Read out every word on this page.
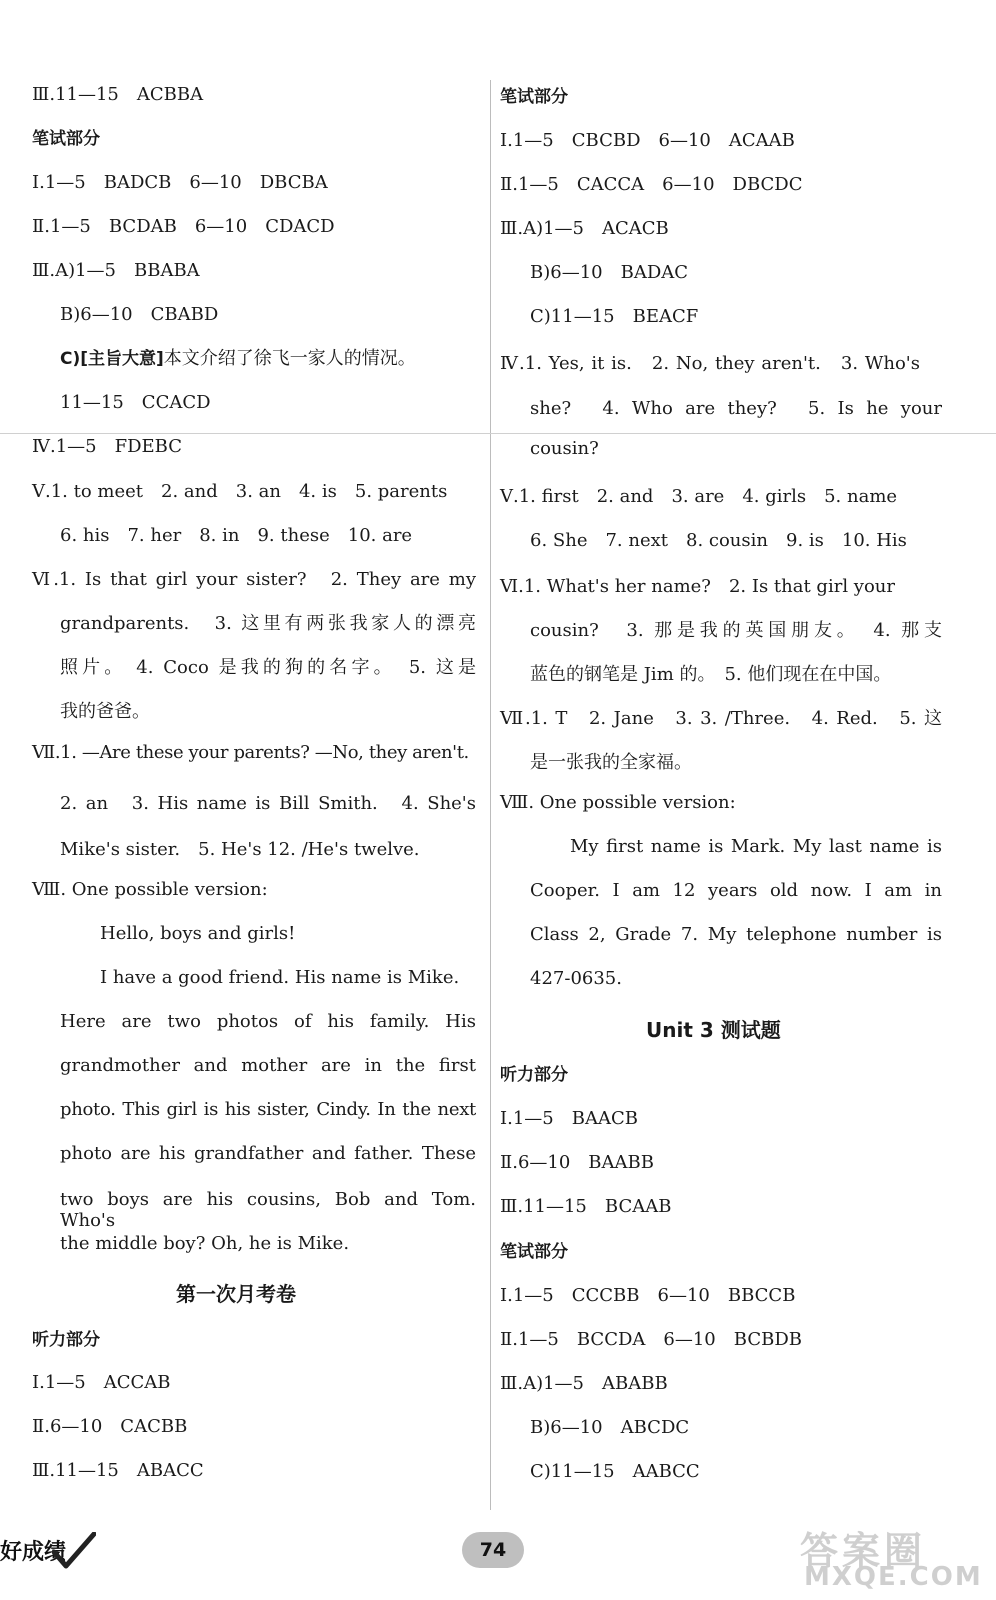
Ⅲ.11—15　ACBBA
笔试部分
Ⅰ.1—5　BADCB　6—10　DBCBA
Ⅱ.1—5　BCDAB　6—10　CDACD
Ⅲ.A)1—5　BBABA
B)6—10　CBABD
C)[主旨大意]本文介绍了徐飞一家人的情况。
11—15　CCACD
Ⅳ.1—5　FDEBC
Ⅴ.1. to meet　2. and　3. an　4. is　5. parents
6. his　7. her　8. in　9. these　10. are
Ⅵ.1. Is that girl your sister?　2. They are my
grandparents.　3. 这里有两张我家人的漂亮
照片。 4. Coco 是我的狗的名字。　5. 这是
我的爸爸。
Ⅶ.1. —Are these your parents? —No, they aren't.
2. an　3. His name is Bill Smith.　4. She's
Mike's sister.　5. He's 12. /He's twelve.
Ⅷ. One possible version:
Hello, boys and girls!
I have a good friend. His name is Mike.
Here are two photos of his family. His
grandmother and mother are in the first
photo. This girl is his sister, Cindy. In the next
photo are his grandfather and father. These
two boys are his cousins, Bob and Tom. Who's
the middle boy? Oh, he is Mike.
第一次月考卷
听力部分
Ⅰ.1—5　ACCAB
Ⅱ.6—10　CACBB
Ⅲ.11—15　ABACC
笔试部分
Ⅰ.1—5　CBCBD　6—10　ACAAB
Ⅱ.1—5　CACCA　6—10　DBCDC
Ⅲ.A)1—5　ACACB
B)6—10　BADAC
C)11—15　BEACF
Ⅳ.1. Yes, it is.　2. No, they aren't.　3. Who's
she?　4. Who are they?　5. Is he your
cousin?
Ⅴ.1. first　2. and　3. are　4. girls　5. name
6. She　7. next　8. cousin　9. is　10. His
Ⅵ.1. What's her name?　2. Is that girl your
cousin?　3. 那是我的英国朋友。　4. 那支
蓝色的钢笔是 Jim 的。　5. 他们现在在中国。
Ⅶ.1. T　2. Jane　3. 3. /Three.　4. Red.　5. 这
是一张我的全家福。
Ⅷ. One possible version:
My first name is Mark. My last name is
Cooper. I am 12 years old now. I am in
Class 2, Grade 7. My telephone number is
427-0635.
Unit 3 测试题
听力部分
Ⅰ.1—5　BAACB
Ⅱ.6—10　BAABB
Ⅲ.11—15　BCAAB
笔试部分
Ⅰ.1—5　CCCBB　6—10　BBCCB
Ⅱ.1—5　BCCDA　6—10　BCBDB
Ⅲ.A)1—5　ABABB
B)6—10　ABCDC
C)11—15　AABCC
好成绩	74	答案圈
MXQE.COM
